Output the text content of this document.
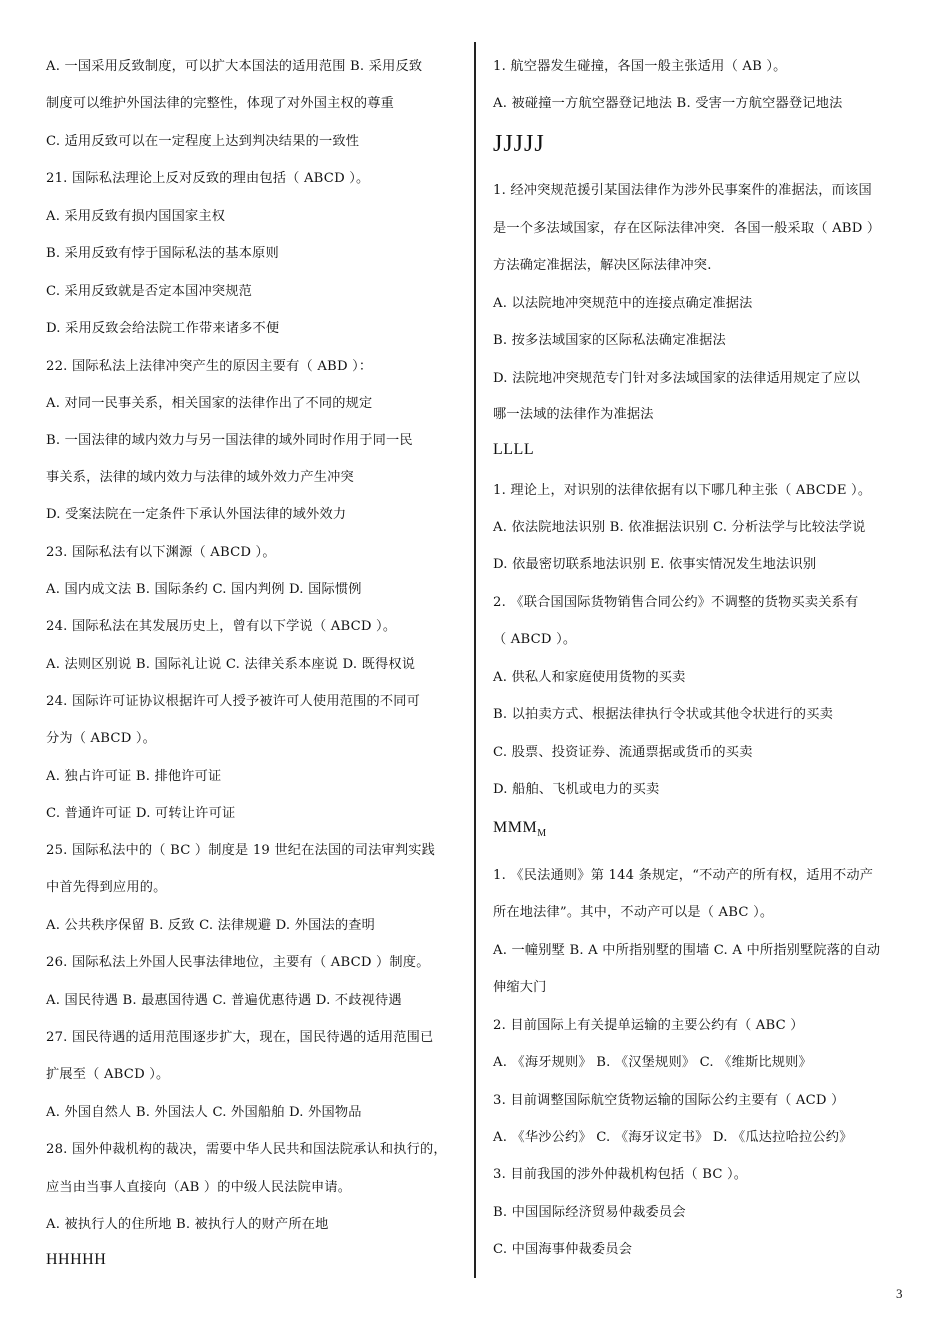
A. 一国采用反致制度，可以扩大本国法的适用范围 B. 采用反致
制度可以维护外国法律的完整性，体现了对外国主权的尊重
C. 适用反致可以在一定程度上达到判决结果的一致性
21. 国际私法理论上反对反致的理由包括（ ABCD ）。
A. 采用反致有损内国国家主权
B. 采用反致有悖于国际私法的基本原则
C. 采用反致就是否定本国冲突规范
D. 采用反致会给法院工作带来诸多不便
22. 国际私法上法律冲突产生的原因主要有（ ABD ）：
A. 对同一民事关系，相关国家的法律作出了不同的规定
B. 一国法律的域内效力与另一国法律的域外同时作用于同一民
事关系，法律的域内效力与法律的域外效力产生冲突
D. 受案法院在一定条件下承认外国法律的域外效力
23. 国际私法有以下渊源（ ABCD ）。
A. 国内成文法 B. 国际条约 C. 国内判例 D. 国际惯例
24. 国际私法在其发展历史上，曾有以下学说（ ABCD ）。
A. 法则区别说 B. 国际礼让说 C. 法律关系本座说 D. 既得权说
24. 国际许可证协议根据许可人授予被许可人使用范围的不同可
分为（ ABCD ）。
A. 独占许可证 B. 排他许可证
C. 普通许可证 D. 可转让许可证
25. 国际私法中的（ BC ）制度是 19 世纪在法国的司法审判实践
中首先得到应用的。
A. 公共秩序保留 B. 反致 C. 法律规避 D. 外国法的查明
26. 国际私法上外国人民事法律地位，主要有（ ABCD ）制度。
A. 国民待遇 B. 最惠国待遇 C. 普遍优惠待遇 D. 不歧视待遇
27. 国民待遇的适用范围逐步扩大，现在，国民待遇的适用范围已
扩展至（ ABCD ）。
A. 外国自然人 B. 外国法人 C. 外国船舶 D. 外国物品
28. 国外仲裁机构的裁决，需要中华人民共和国法院承认和执行的，
应当由当事人直接向（AB ）的中级人民法院申请。
A. 被执行人的住所地 B. 被执行人的财产所在地
HHHHH
1. 航空器发生碰撞，各国一般主张适用（ AB ）。
A. 被碰撞一方航空器登记地法 B. 受害一方航空器登记地法
JJJJJ
1. 经冲突规范援引某国法律作为涉外民事案件的准据法，而该国
是一个多法域国家，存在区际法律冲突．各国一般采取（ ABD ）
方法确定准据法，解决区际法律冲突.
A. 以法院地冲突规范中的连接点确定准据法
B. 按多法域国家的区际私法确定准据法
D. 法院地冲突规范专门针对多法域国家的法律适用规定了应以
哪一法域的法律作为准据法
LLLL
1. 理论上，对识别的法律依据有以下哪几种主张（ ABCDE ）。
A. 依法院地法识别 B. 依准据法识别 C. 分析法学与比较法学说
D. 依最密切联系地法识别 E. 依事实情况发生地法识别
2. 《联合国国际货物销售合同公约》不调整的货物买卖关系有
（ ABCD ）。
A. 供私人和家庭使用货物的买卖
B. 以拍卖方式、根据法律执行令状或其他令状进行的买卖
C. 股票、投资证券、流通票据或货币的买卖
D. 船舶、飞机或电力的买卖
$MMM_M$
1. 《民法通则》第 144 条规定，“不动产的所有权，适用不动产
所在地法律”。其中，不动产可以是（ ABC ）。
A. 一幢别墅 B. A 中所指别墅的围墙 C. A 中所指别墅院落的自动
伸缩大门
2. 目前国际上有关提单运输的主要公约有（ ABC ）
A. 《海牙规则》 B. 《汉堡规则》 C. 《维斯比规则》
3. 目前调整国际航空货物运输的国际公约主要有（ ACD ）
A. 《华沙公约》 C. 《海牙议定书》 D. 《瓜达拉哈拉公约》
3. 目前我国的涉外仲裁机构包括（ BC ）。
B. 中国国际经济贸易仲裁委员会
C. 中国海事仲裁委员会
3
